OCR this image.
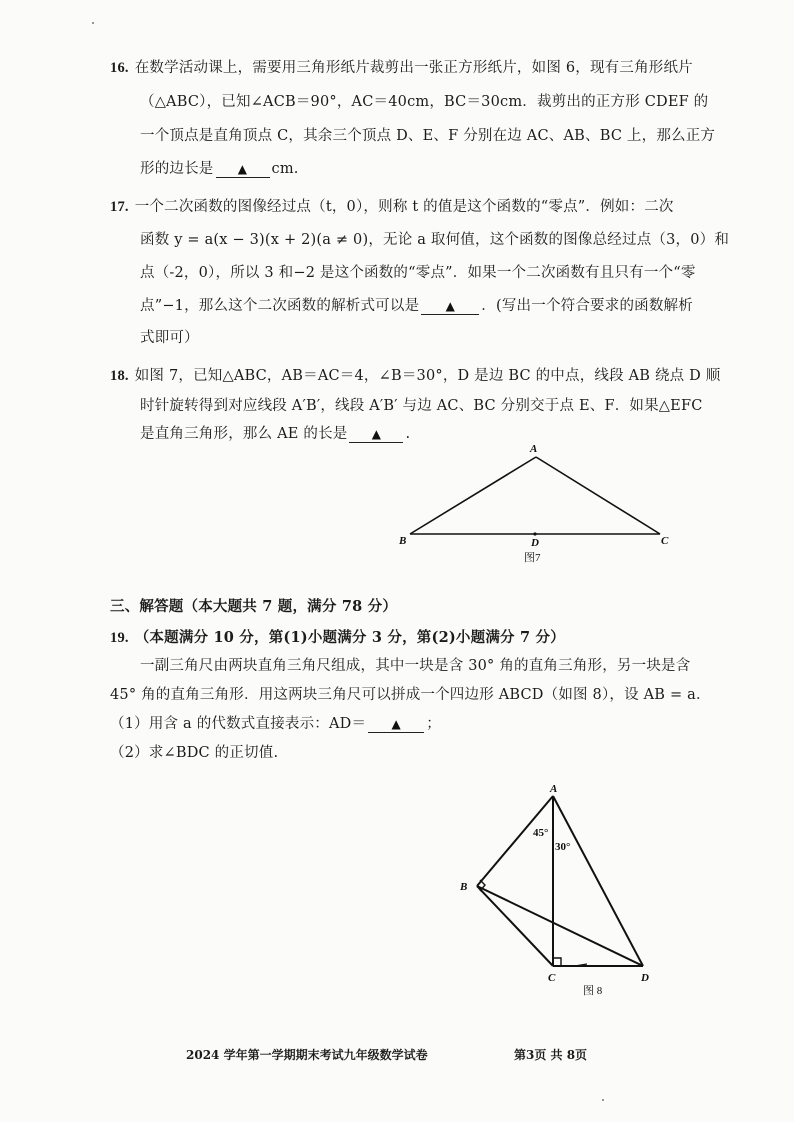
16. 在数学活动课上，需要用三角形纸片裁剪出一张正方形纸片，如图 6，现有三角形纸片
（△ABC），已知∠ACB＝90°，AC＝40cm，BC＝30cm．裁剪出的正方形 CDEF 的
一个顶点是直角顶点 C，其余三个顶点 D、E、F 分别在边 AC、AB、BC 上，那么正方
形的边长是 ▲ cm.
17. 一个二次函数的图像经过点（t，0），则称 t 的值是这个函数的“零点”．例如：二次
函数 y = a(x − 3)(x + 2)(a ≠ 0)，无论 a 取何值，这个函数的图像总经过点（3，0）和
点（-2，0），所以 3 和−2 是这个函数的“零点”．如果一个二次函数有且只有一个“零
点”−1，那么这个二次函数的解析式可以是 ▲ ．(写出一个符合要求的函数解析
式即可）
18. 如图 7，已知△ABC，AB＝AC＝4，∠B＝30°，D 是边 BC 的中点，线段 AB 绕点 D 顺
时针旋转得到对应线段 A′B′，线段 A′B′ 与边 AC、BC 分别交于点 E、F．如果△EFC
是直角三角形，那么 AE 的长是 ▲ .
A
B	C
D
图7
三、解答题（本大题共 7 题，满分 78 分）
19. （本题满分 10 分，第(1)小题满分 3 分，第(2)小题满分 7 分）
一副三角尺由两块直角三角尺组成，其中一块是含 30° 角的直角三角形，另一块是含
45° 角的直角三角形．用这两块三角尺可以拼成一个四边形 ABCD（如图 8），设 AB = a．
（1）用含 a 的代数式直接表示：AD＝ ▲ ；
（2）求∠BDC 的正切值.
A
B
C	D
45°
30°
图 8
2024 学年第一学期期末考试九年级数学试卷	第3页 共 8页
